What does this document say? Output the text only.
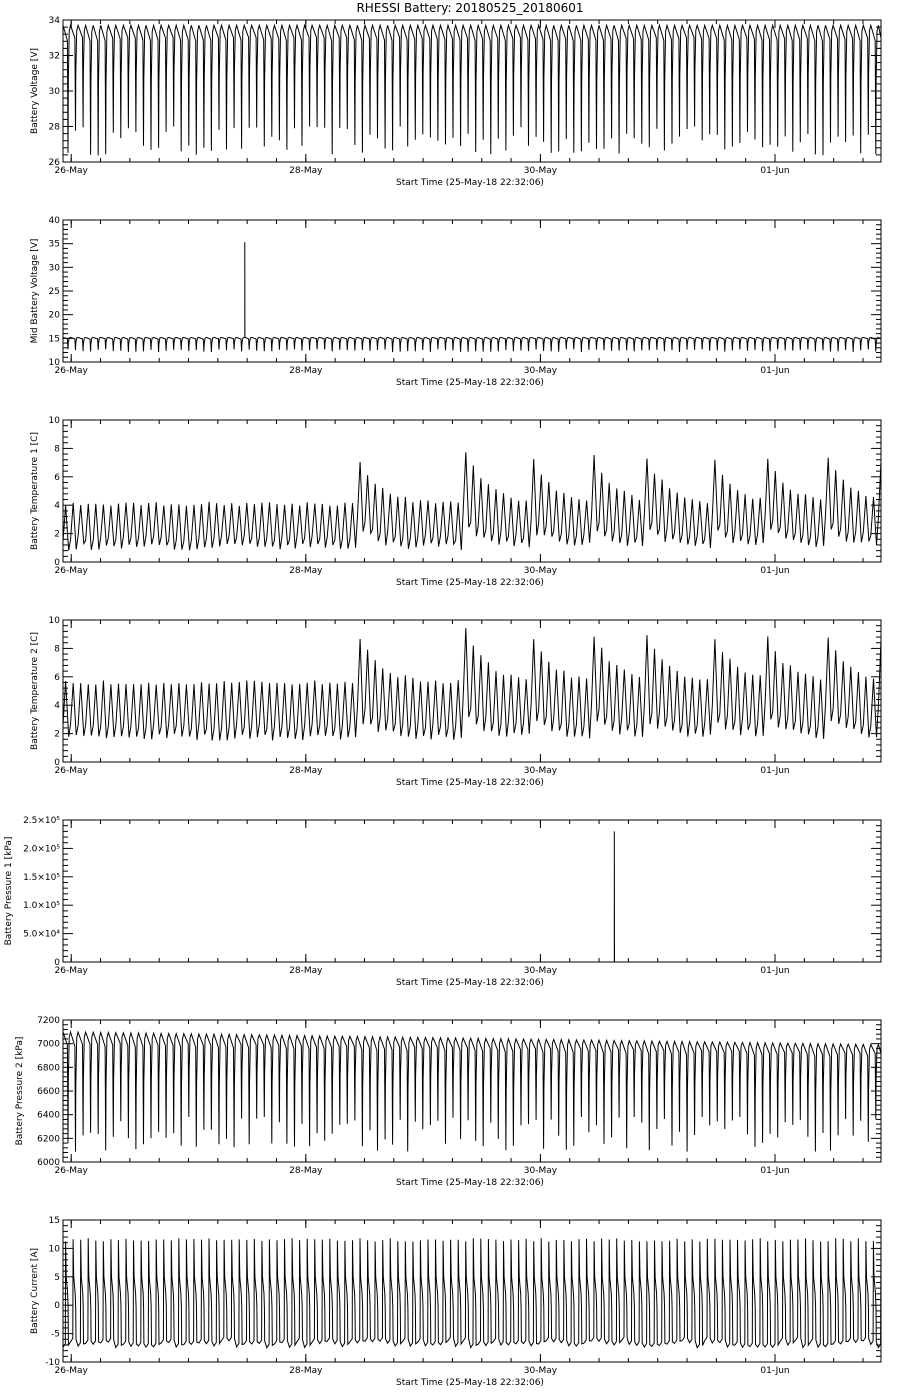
RHESSI Battery: 20180525_20180601
26
28
30
32
34
26-May	28-May	30-May	01-Jun
Start Time (25-May-18 22:32:06)
Battery Voltage [V]
10
15
20
25
30
35
40
26-May	28-May	30-May	01-Jun
Start Time (25-May-18 22:32:06)
Mid Battery Voltage [V]
0
2
4
6
8
10
26-May	28-May	30-May	01-Jun
Start Time (25-May-18 22:32:06)
Battery Temperature 1 [C]
0
2
4
6
8
10
26-May	28-May	30-May	01-Jun
Start Time (25-May-18 22:32:06)
Battery Temperature 2 [C]
0
5.0×10⁴
1.0×10⁵
1.5×10⁵
2.0×10⁵
2.5×10⁵
26-May	28-May	30-May	01-Jun
Start Time (25-May-18 22:32:06)
Battery Pressure 1 [kPa]
6000
6200
6400
6600
6800
7000
7200
26-May	28-May	30-May	01-Jun
Start Time (25-May-18 22:32:06)
Battery Pressure 2 [kPa]
-10
-5
0
5
10
15
26-May	28-May	30-May	01-Jun
Start Time (25-May-18 22:32:06)
Battery Current [A]
